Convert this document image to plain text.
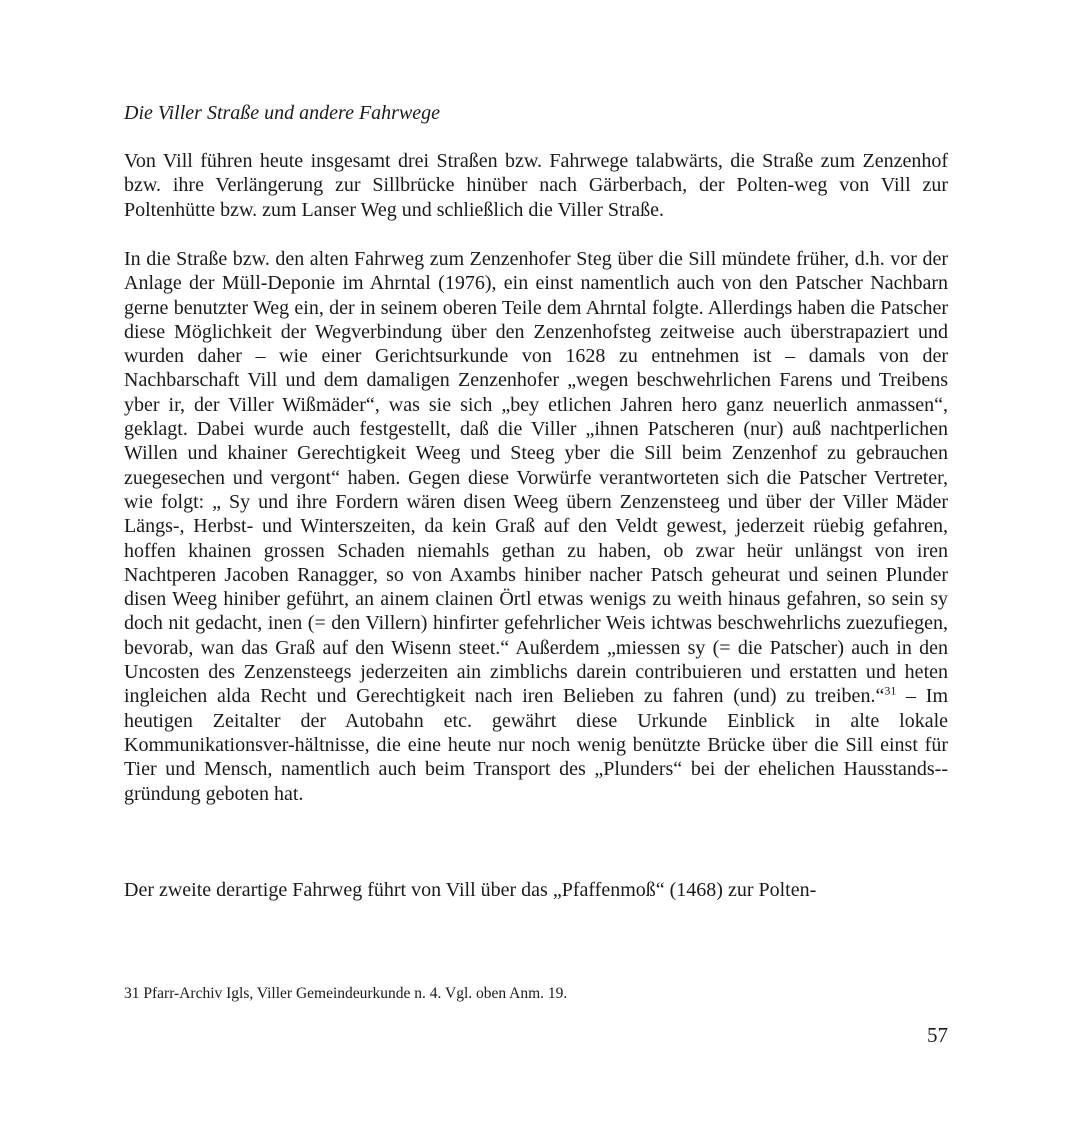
Die Viller Straße und andere Fahrwege

Von Vill führen heute insgesamt drei Straßen bzw. Fahrwege talabwärts, die Straße zum Zenzenhof bzw. ihre Verlängerung zur Sillbrücke hinüber nach Gärberbach, der Polten-weg von Vill zur Poltenhütte bzw. zum Lanser Weg und schließlich die Viller Straße.

In die Straße bzw. den alten Fahrweg zum Zenzenhofer Steg über die Sill mündete früher, d.h. vor der Anlage der Müll-Deponie im Ahrntal (1976), ein einst namentlich auch von den Patscher Nachbarn gerne benutzter Weg ein, der in seinem oberen Teile dem Ahrntal folgte. Allerdings haben die Patscher diese Möglichkeit der Wegverbindung über den Zenzenhofsteg zeitweise auch überstrapaziert und wurden daher – wie einer Gerichtsurkunde von 1628 zu entnehmen ist – damals von der Nachbarschaft Vill und dem damaligen Zenzenhofer „wegen beschwehrlichen Farens und Treibens yber ir, der Viller Wißmäder“, was sie sich „bey etlichen Jahren hero ganz neuerlich anmassen“, geklagt. Dabei wurde auch festgestellt, daß die Viller „ihnen Patscheren (nur) auß nachtperlichen Willen und khainer Gerechtigkeit Weeg und Steeg yber die Sill beim Zenzenhof zu gebrauchen zuegesechen und vergont“ haben. Gegen diese Vorwürfe verantworteten sich die Patscher Vertreter, wie folgt: „ Sy und ihre Fordern wären disen Weeg übern Zenzensteeg und über der Viller Mäder Längs-, Herbst- und Winterszeiten, da kein Graß auf den Veldt gewest, jederzeit rüebig gefahren, hoffen khainen grossen Schaden niemahls gethan zu haben, ob zwar heür unlängst von iren Nachtperen Jacoben Ranagger, so von Axambs hiniber nacher Patsch geheurat und seinen Plunder disen Weeg hiniber geführt, an ainem clainen Örtl etwas wenigs zu weith hinaus gefahren, so sein sy doch nit gedacht, inen (= den Villern) hinfirter gefehrlicher Weis ichtwas beschwehrlichs zuezufiegen, bevorab, wan das Graß auf den Wisenn steet.“ Außerdem „miessen sy (= die Patscher) auch in den Uncosten des Zenzensteegs jederzeiten ain zimblichs darein contribuieren und erstatten und heten ingleichen alda Recht und Gerechtigkeit nach iren Belieben zu fahren (und) zu treiben.“$^{31}$ – Im heutigen Zeitalter der Autobahn etc. gewährt diese Urkunde Einblick in alte lokale Kommunikationsver-hältnisse, die eine heute nur noch wenig benützte Brücke über die Sill einst für Tier und Mensch, namentlich auch beim Transport des „Plunders“ bei der ehelichen Hausstands-gründung geboten hat.

Der zweite derartige Fahrweg führt von Vill über das „Pfaffenmoß“ (1468) zur Polten-

31 Pfarr-Archiv Igls, Viller Gemeindeurkunde n. 4. Vgl. oben Anm. 19.

57
